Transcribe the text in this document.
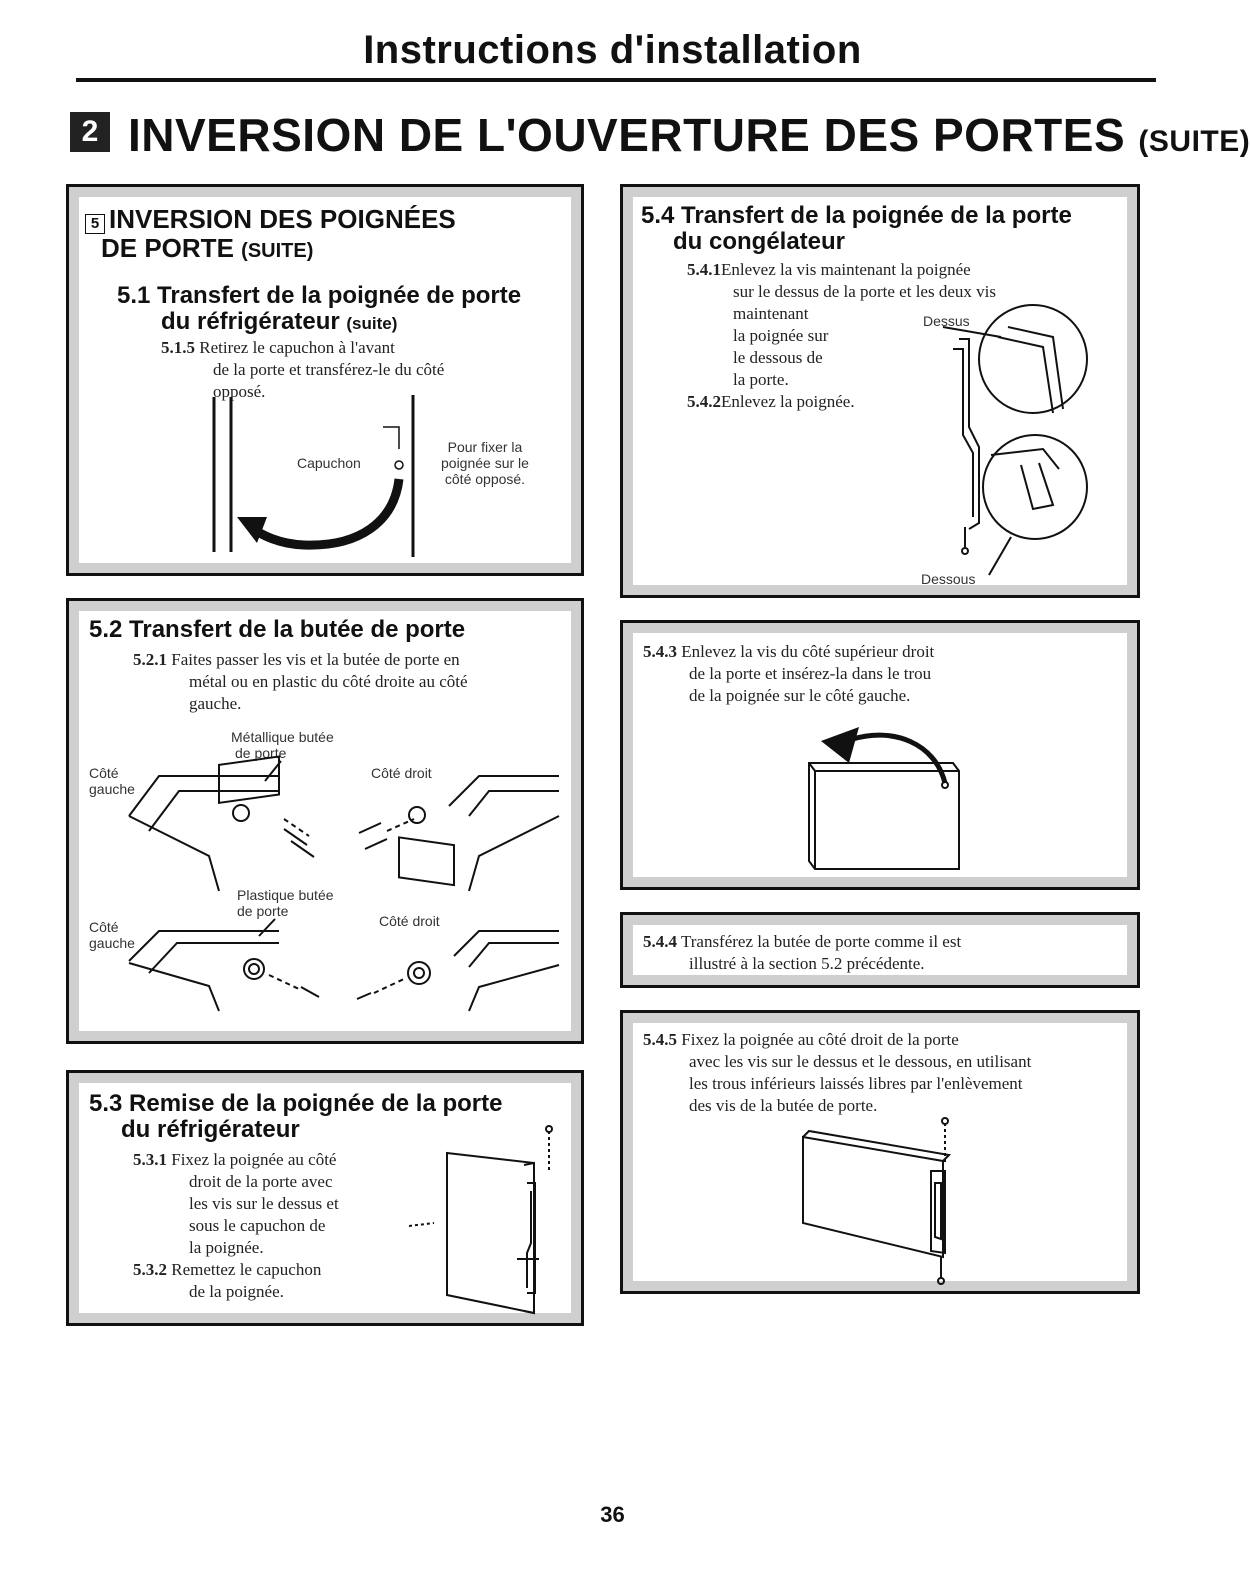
Instructions d'installation
2 INVERSION DE L'OUVERTURE DES PORTES (SUITE)
5 INVERSION DES POIGNÉES
DE PORTE (SUITE)
5.1 Transfert de la poignée de porte
du réfrigérateur (suite)
5.1.5 Retirez le capuchon à l'avant
de la porte et transférez-le du côté
opposé.
Capuchon
Pour fixer la
poignée sur le
côté opposé.
5.2 Transfert de la butée de porte
5.2.1 Faites passer les vis et la butée de porte en
métal ou en plastic du côté droite au côté
gauche.
Métallique butée
de porte
Côté
gauche
Côté droit
Plastique butée
de porte
Côté
gauche
Côté droit
5.3 Remise de la poignée de la porte
du réfrigérateur
5.3.1 Fixez la poignée au côté
droit de la porte avec
les vis sur le dessus et
sous le capuchon de
la poignée.
5.3.2 Remettez le capuchon
de la poignée.
5.4 Transfert de la poignée de la porte
du congélateur
5.4.1Enlevez la vis maintenant la poignée
sur le dessus de la porte et les deux vis
maintenant
la poignée sur
le dessous de
la porte.
5.4.2Enlevez la poignée.
Dessus
Dessous
5.4.3 Enlevez la vis du côté supérieur droit
de la porte et insérez-la dans le trou
de la poignée sur le côté gauche.
5.4.4 Transférez la butée de porte comme il est
illustré à la section 5.2 précédente.
5.4.5 Fixez la poignée au côté droit de la porte
avec les vis sur le dessus et le dessous, en utilisant
les trous inférieurs laissés libres par l'enlèvement
des vis de la butée de porte.
36
